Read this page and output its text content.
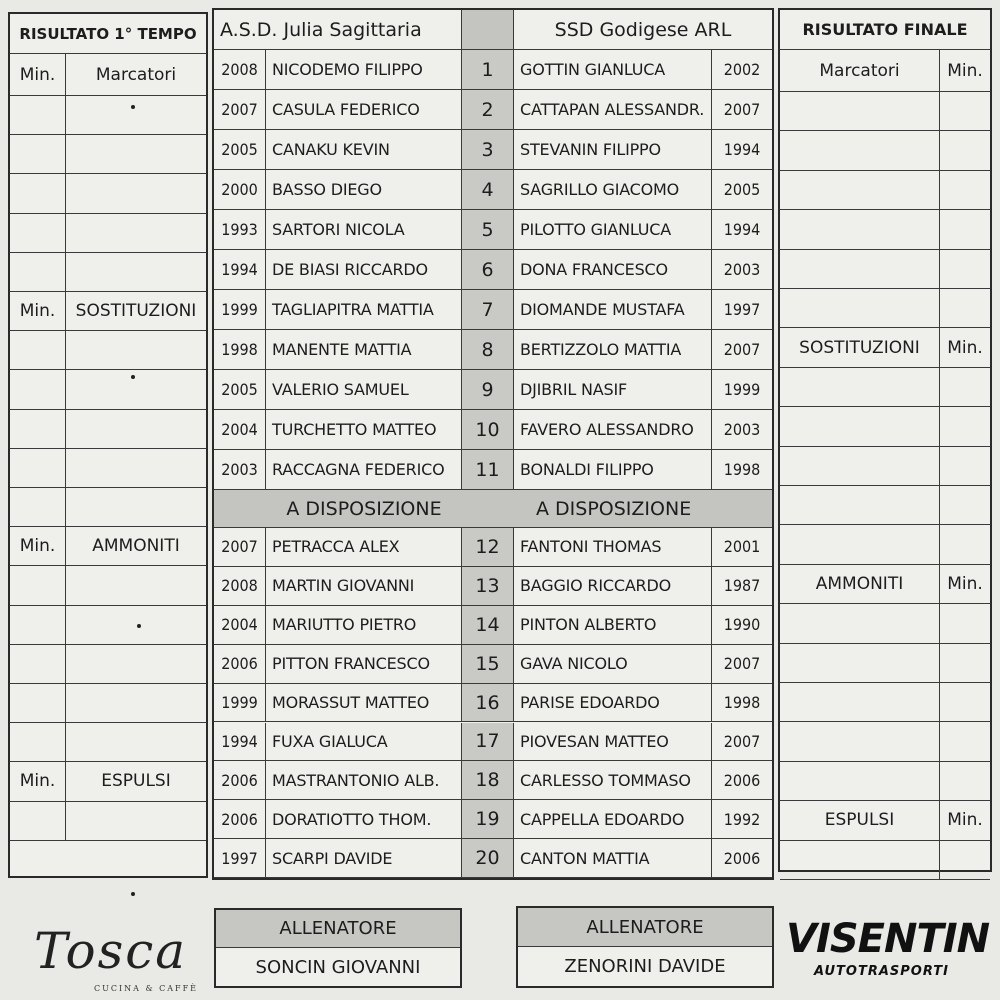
RISULTATO 1° TEMPO
Min.	Marcatori
Min.	SOSTITUZIONI
Min.	AMMONITI
Min.	ESPULSI
A.S.D. Julia Sagittaria	SSD Godigese ARL
2008 NICODEMO FILIPPO	1	GOTTIN GIANLUCA	2002
2007 CASULA FEDERICO	2	CATTAPAN ALESSANDR.	2007
2005 CANAKU KEVIN	3	STEVANIN FILIPPO	1994
2000 BASSO DIEGO	4	SAGRILLO GIACOMO	2005
1993 SARTORI NICOLA	5	PILOTTO GIANLUCA	1994
1994 DE BIASI RICCARDO	6	DONA FRANCESCO	2003
1999 TAGLIAPITRA MATTIA	7	DIOMANDE MUSTAFA	1997
1998 MANENTE MATTIA	8	BERTIZZOLO MATTIA	2007
2005 VALERIO SAMUEL	9	DJIBRIL NASIF	1999
2004 TURCHETTO MATTEO	10	FAVERO ALESSANDRO	2003
2003 RACCAGNA FEDERICO	11	BONALDI FILIPPO	1998
A DISPOSIZIONE	A DISPOSIZIONE
2007 PETRACCA ALEX	12	FANTONI THOMAS	2001
2008 MARTIN GIOVANNI	13	BAGGIO RICCARDO	1987
2004 MARIUTTO PIETRO	14	PINTON ALBERTO	1990
2006 PITTON FRANCESCO	15	GAVA NICOLO	2007
1999 MORASSUT MATTEO	16	PARISE EDOARDO	1998
1994 FUXA GIALUCA	17	PIOVESAN MATTEO	2007
2006 MASTRANTONIO ALB.	18	CARLESSO TOMMASO	2006
2006 DORATIOTTO THOM.	19	CAPPELLA EDOARDO	1992
1997 SCARPI DAVIDE	20	CANTON MATTIA	2006
RISULTATO FINALE
Marcatori	Min.
SOSTITUZIONI	Min.
AMMONITI	Min.
ESPULSI	Min.
ALLENATORE
SONCIN GIOVANNI
ALLENATORE
ZENORINI DAVIDE
Tosca
CUCINA & CAFFÈ
VISENTIN
AUTOTRASPORTI
